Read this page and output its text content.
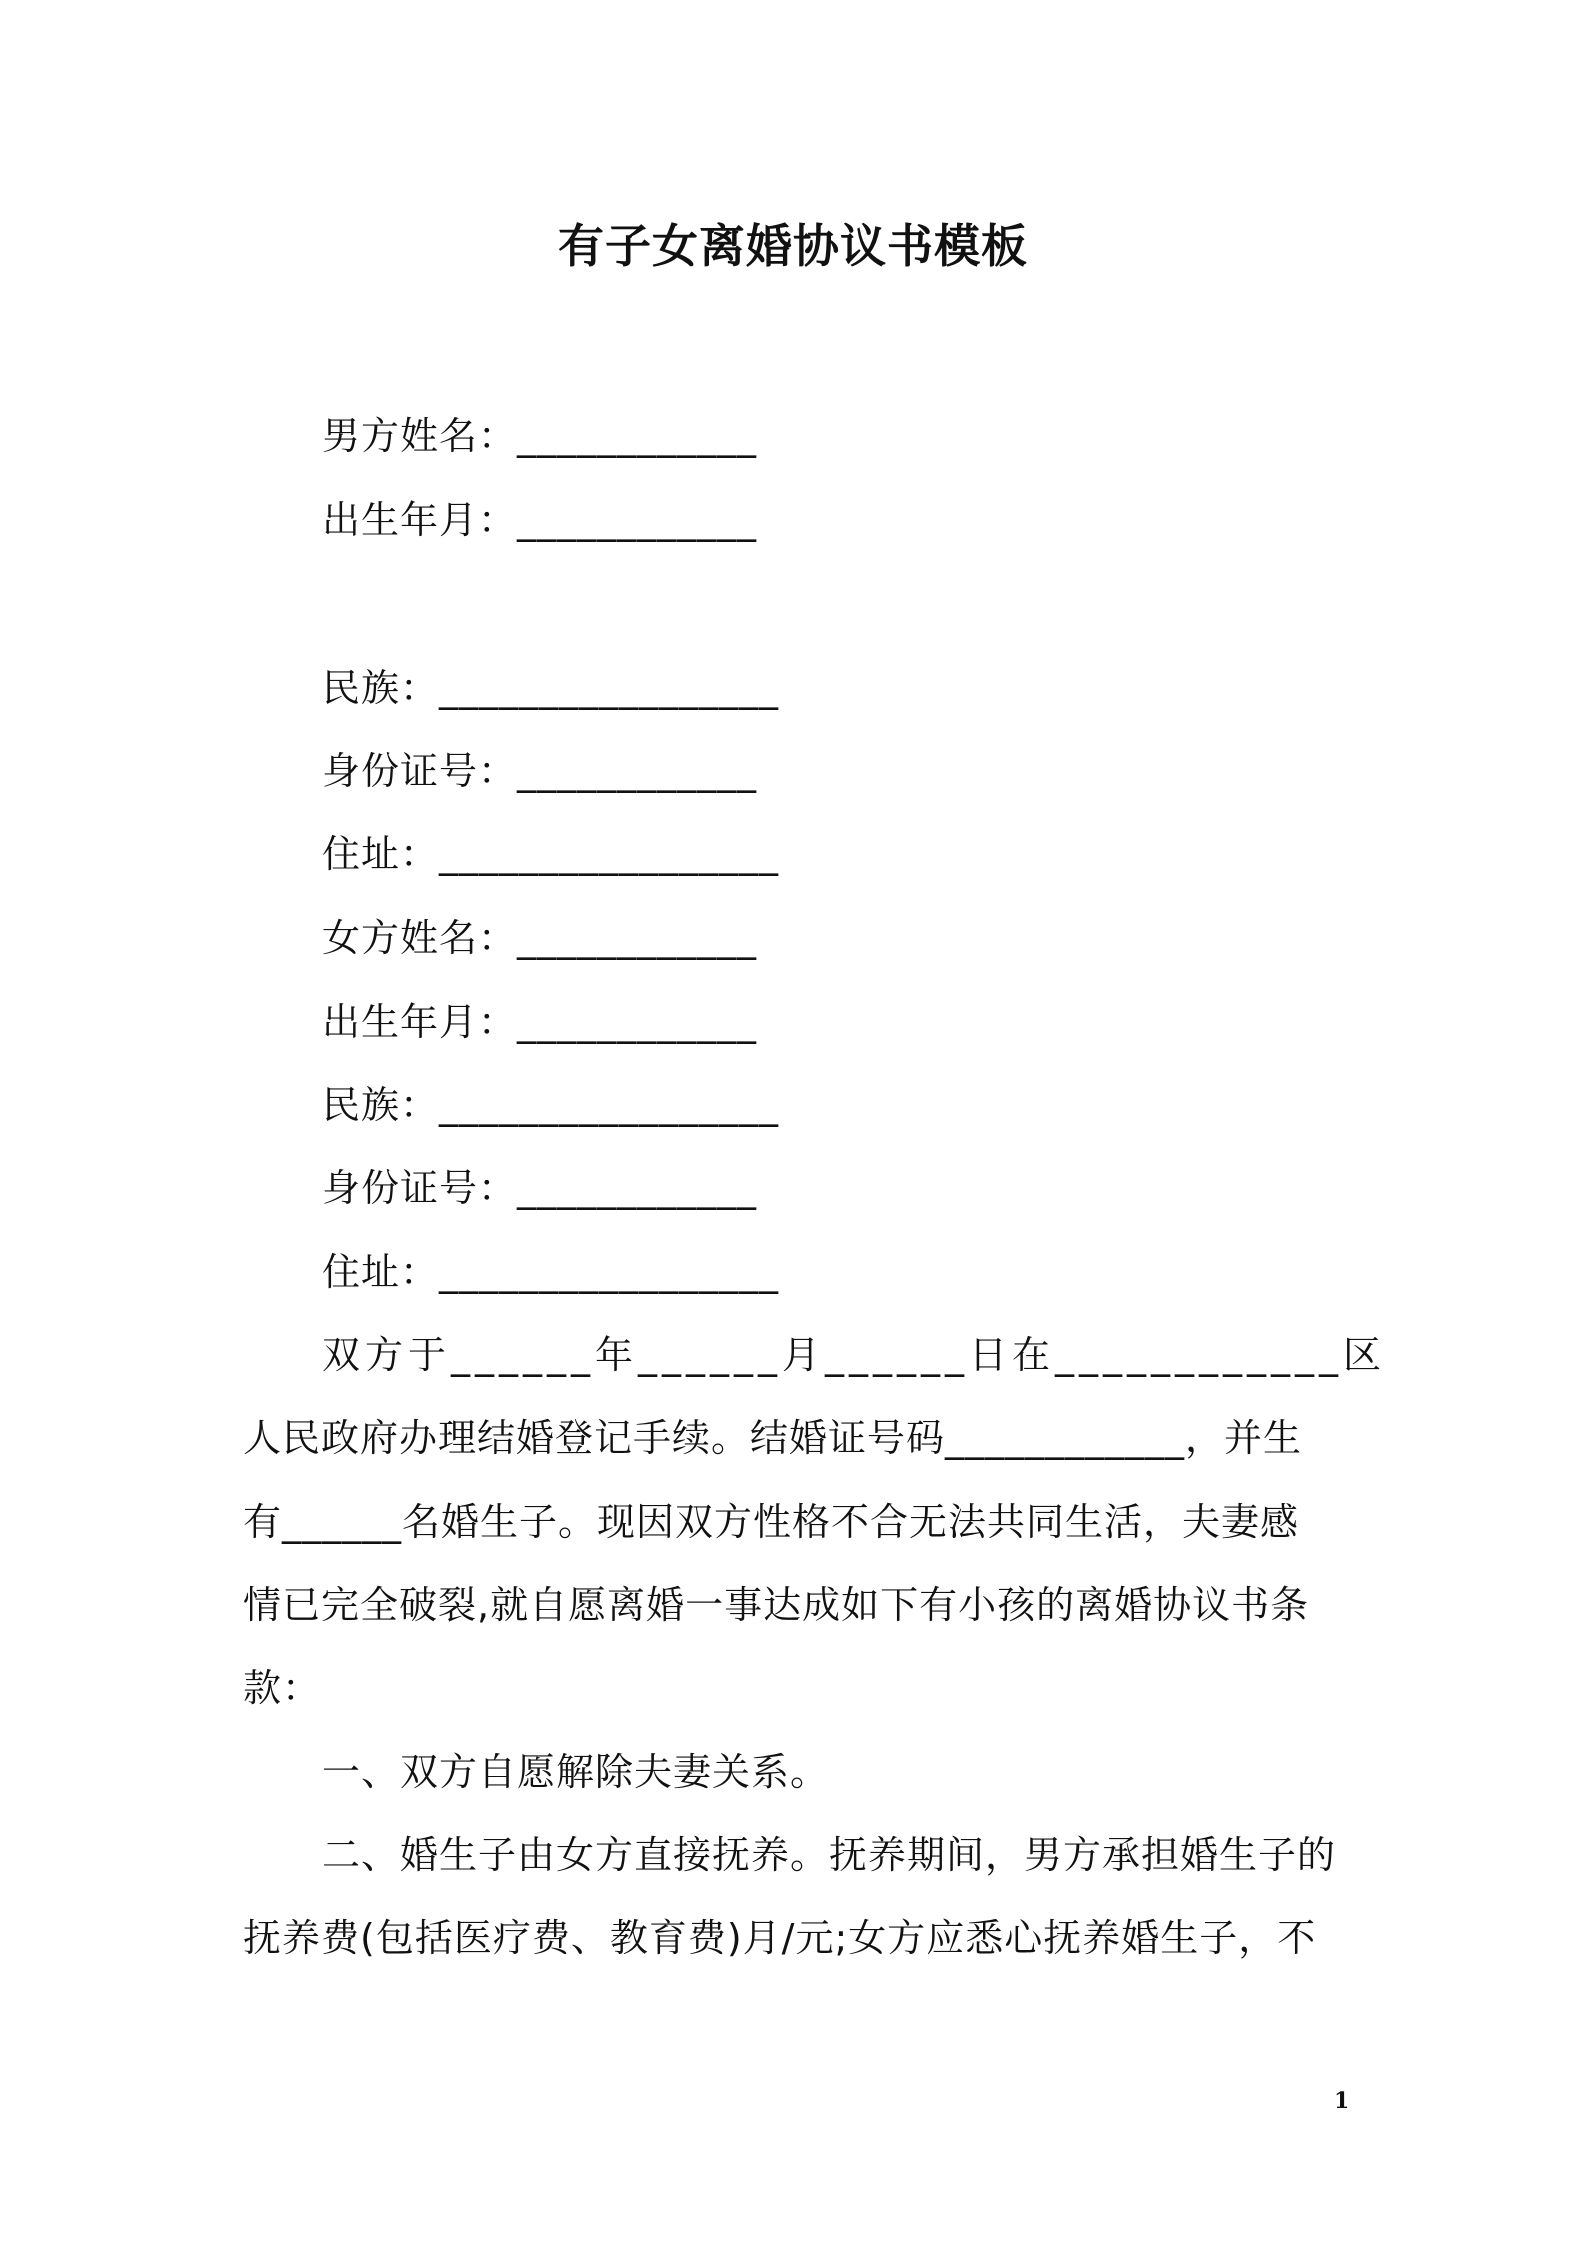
有子女离婚协议书模板
男方姓名：____________
出生年月：____________
民族：_________________
身份证号：____________
住址：_________________
女方姓名：____________
出生年月：____________
民族：_________________
身份证号：____________
住址：_________________
双方于______年______月______日在____________区
人民政府办理结婚登记手续。结婚证号码____________，并生
有______名婚生子。现因双方性格不合无法共同生活，夫妻感
情已完全破裂,就自愿离婚一事达成如下有小孩的离婚协议书条
款：
一、双方自愿解除夫妻关系。
二、婚生子由女方直接抚养。抚养期间，男方承担婚生子的
抚养费(包括医疗费、教育费)月/元;女方应悉心抚养婚生子，不
1
